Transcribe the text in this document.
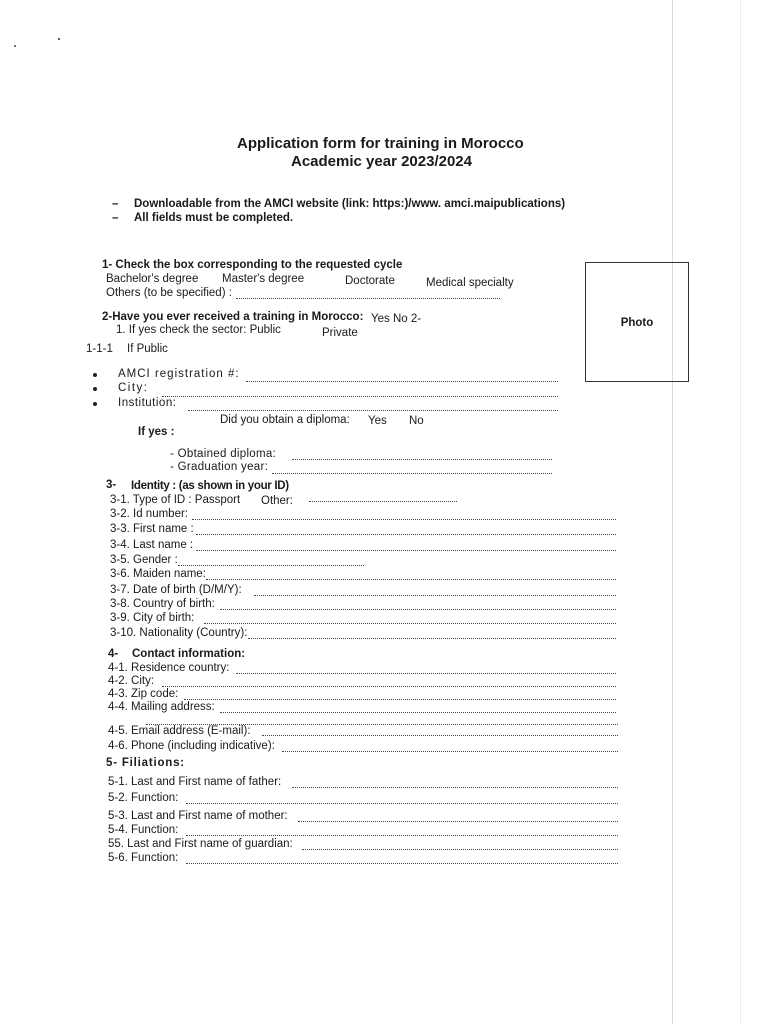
Application form for training in Morocco
Academic year 2023/2024
– Downloadable from the AMCI website (link: https:)/www. amci.maipublications)
– All fields must be completed.
1- Check the box corresponding to the requested cycle
Bachelor's degree Master's degree	Doctorate	Medical specialty
Others (to be specified) :
Photo
2-Have you ever received a training in Morocco: Yes No 2-
1. If yes check the sector: Public	Private
1-1-1 If Public
AMCI registration #:
City:
Institution:
Did you obtain a diploma: Yes No
If yes :
- Obtained diploma:
- Graduation year:
3- Identity : (as shown in your ID)
3-1. Type of ID : Passport Other:
3-2. Id number:
3-3. First name :
3-4. Last name :
3-5. Gender :
3-6. Maiden name:
3-7. Date of birth (D/M/Y):
3-8. Country of birth:
3-9. City of birth:
3-10. Nationality (Country):
4- Contact information:
4-1. Residence country:
4-2. City:
4-3. Zip code:
4-4. Mailing address:
4-5. Email address (E-mail):
4-6. Phone (including indicative):
5- Filiations:
5-1. Last and First name of father:
5-2. Function:
5-3. Last and First name of mother:
5-4. Function:
55. Last and First name of guardian:
5-6. Function:
